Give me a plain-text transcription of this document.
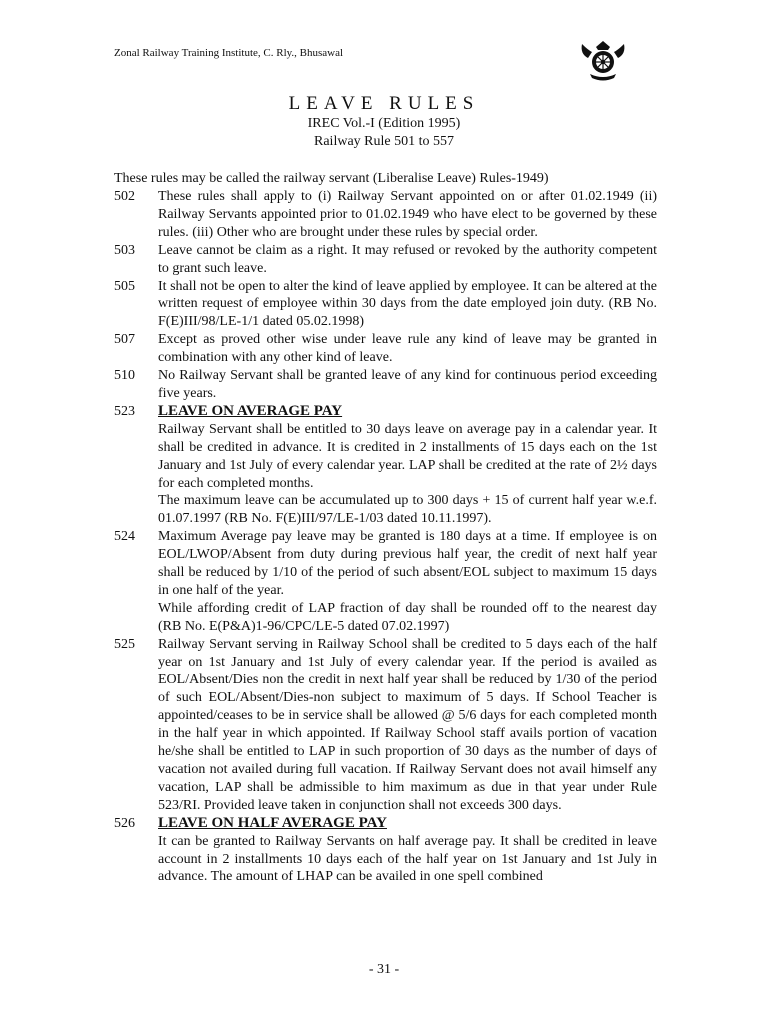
Zonal Railway Training Institute, C. Rly., Bhusawal
LEAVE RULES
IREC Vol.-I (Edition 1995)
Railway Rule 501 to 557
These rules may be called the railway servant (Liberalise Leave) Rules-1949)
502	These rules shall apply to (i) Railway Servant appointed on or after 01.02.1949 (ii) Railway Servants appointed prior to 01.02.1949 who have elect to be governed by these rules. (iii) Other who are brought under these rules by special order.

503	Leave cannot be claim as a right. It may refused or revoked by the authority competent to grant such leave.

505	It shall not be open to alter the kind of leave applied by employee. It can be altered at the written request of employee within 30 days from the date employed join duty. (RB No. F(E)III/98/LE-1/1 dated 05.02.1998)

507	Except as proved other wise under leave rule any kind of leave may be granted in combination with any other kind of leave.

510	No Railway Servant shall be granted leave of any kind for continuous period exceeding five years.

523	LEAVE ON AVERAGE PAY

Railway Servant shall be entitled to 30 days leave on average pay in a calendar year. It shall be credited in advance. It is credited in 2 installments of 15 days each on the 1st January and 1st July of every calendar year. LAP shall be credited at the rate of 2½ days for each completed months.

The maximum leave can be accumulated up to 300 days + 15 of current half year w.e.f. 01.07.1997 (RB No. F(E)III/97/LE-1/03 dated 10.11.1997).

524	Maximum Average pay leave may be granted is 180 days at a time. If employee is on EOL/LWOP/Absent from duty during previous half year, the credit of next half year shall be reduced by 1/10 of the period of such absent/EOL subject to maximum 15 days in one half of the year.

While affording credit of LAP fraction of day shall be rounded off to the nearest day (RB No. E(P&A)1-96/CPC/LE-5 dated 07.02.1997)

525	Railway Servant serving in Railway School shall be credited to 5 days each of the half year on 1st January and 1st July of every calendar year. If the period is availed as EOL/Absent/Dies non the credit in next half year shall be reduced by 1/30 of the period of such EOL/Absent/Dies-non subject to maximum of 5 days. If School Teacher is appointed/ceases to be in service shall be allowed @ 5/6 days for each completed month in the half year in which appointed. If Railway School staff avails portion of vacation he/she shall be entitled to LAP in such proportion of 30 days as the number of days of vacation not availed during full vacation. If Railway Servant does not avail himself any vacation, LAP shall be admissible to him maximum as due in that year under Rule 523/RI. Provided leave taken in conjunction shall not exceeds 300 days.

526	LEAVE ON HALF AVERAGE PAY

It can be granted to Railway Servants on half average pay. It shall be credited in leave account in 2 installments 10 days each of the half year on 1st January and 1st July in advance. The amount of LHAP can be availed in one spell combined

- 31 -
